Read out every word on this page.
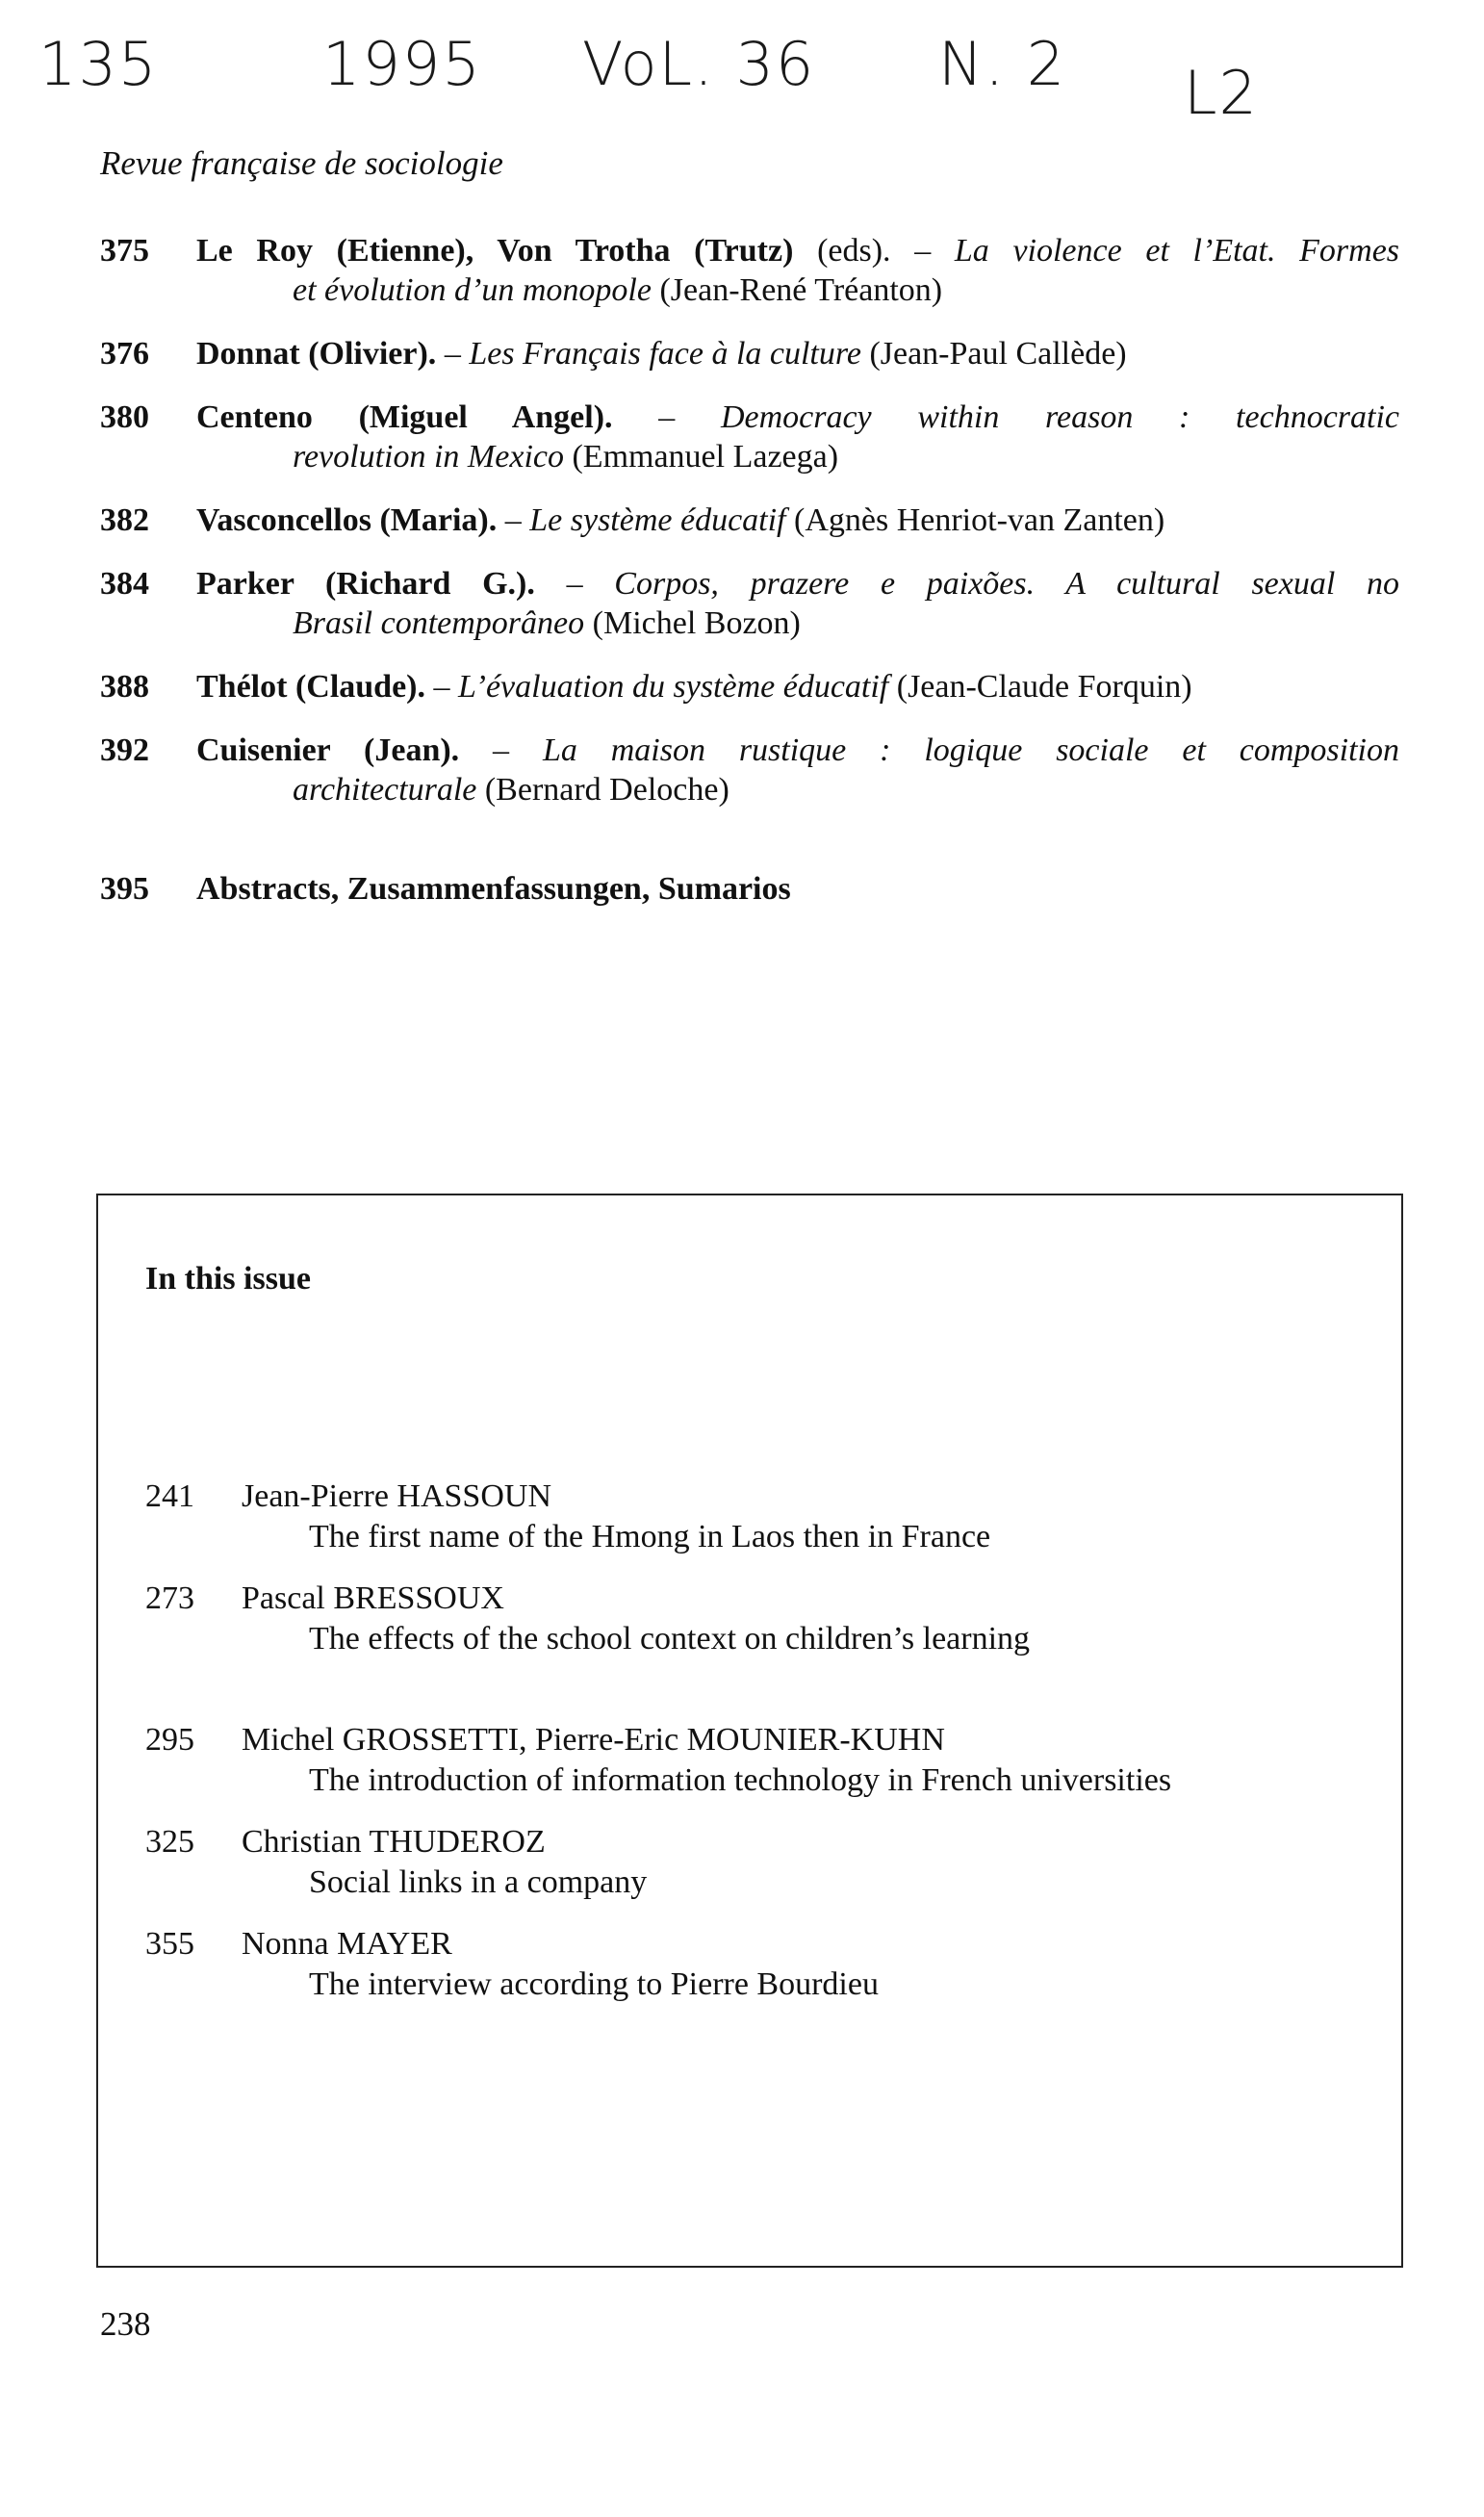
135	1995 VoL. 36 N. 2 L2
Revue française de sociologie
375 Le Roy (Etienne), Von Trotha (Trutz) (eds). – La violence et l’Etat. Formes
et évolution d’un monopole (Jean-René Tréanton)
376 Donnat (Olivier). – Les Français face à la culture (Jean-Paul Callède)
380 Centeno (Miguel Angel). – Democracy within reason : technocratic
revolution in Mexico (Emmanuel Lazega)
382 Vasconcellos (Maria). – Le système éducatif (Agnès Henriot-van Zanten)
384 Parker (Richard G.). – Corpos, prazere e paixões. A cultural sexual no
Brasil contemporâneo (Michel Bozon)
388 Thélot (Claude). – L’évaluation du système éducatif (Jean-Claude Forquin)
392 Cuisenier (Jean). – La maison rustique : logique sociale et composition
architecturale (Bernard Deloche)
395 Abstracts, Zusammenfassungen, Sumarios
In this issue
241 Jean-Pierre HASSOUN
The first name of the Hmong in Laos then in France
273 Pascal BRESSOUX
The effects of the school context on children’s learning
295 Michel GROSSETTI, Pierre-Eric MOUNIER-KUHN
The introduction of information technology in French universities
325 Christian THUDEROZ
Social links in a company
355 Nonna MAYER
The interview according to Pierre Bourdieu
238
